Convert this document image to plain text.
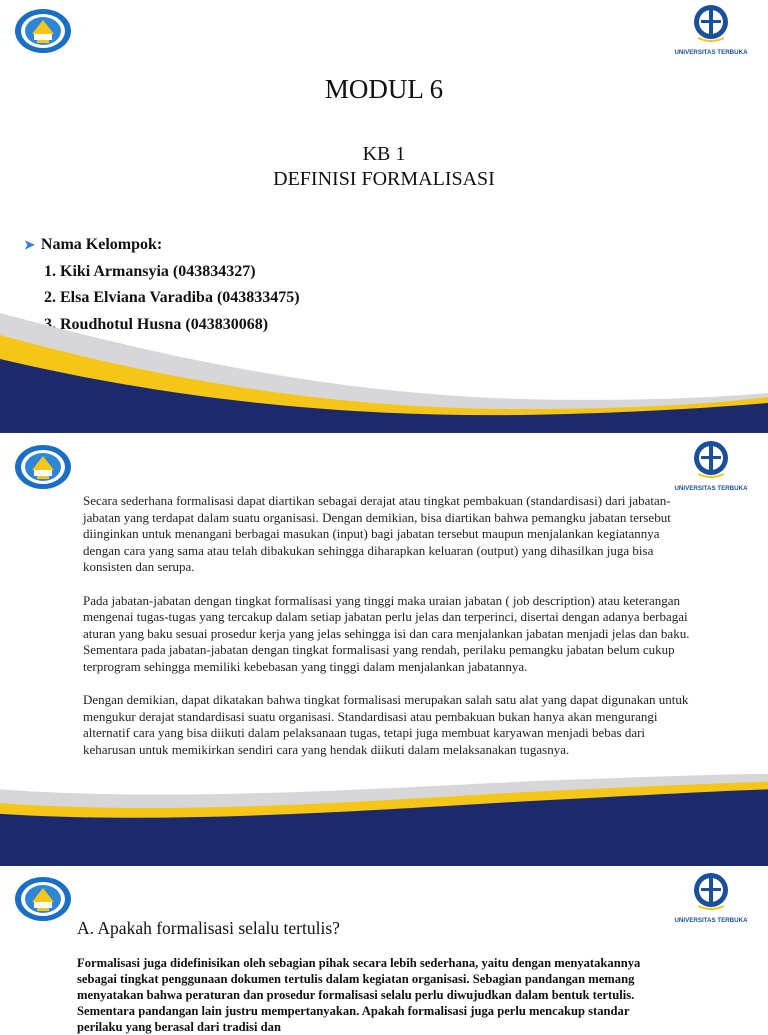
UNIVERSITAS TERBUKA
MODUL 6
KB 1
DEFINISI FORMALISASI
➤ Nama Kelompok:
1. Kiki Armansyia (043834327)
2. Elsa Elviana Varadiba (043833475)
3. Roudhotul Husna (043830068)
UNIVERSITAS TERBUKA

Secara sederhana formalisasi dapat diartikan sebagai derajat atau tingkat pembakuan (standardisasi) dari jabatan-jabatan yang terdapat dalam suatu organisasi. Dengan demikian, bisa diartikan bahwa pemangku jabatan tersebut diinginkan untuk menangani berbagai masukan (input) bagi jabatan tersebut maupun menjalankan kegiatannya dengan cara yang sama atau telah dibakukan sehingga diharapkan keluaran (output) yang dihasilkan juga bisa konsisten dan serupa.

Pada jabatan-jabatan dengan tingkat formalisasi yang tinggi maka uraian jabatan ( job description) atau keterangan mengenai tugas-tugas yang tercakup dalam setiap jabatan perlu jelas dan terperinci, disertai dengan adanya berbagai aturan yang baku sesuai prosedur kerja yang jelas sehingga isi dan cara menjalankan jabatan menjadi jelas dan baku. Sementara pada jabatan-jabatan dengan tingkat formalisasi yang rendah, perilaku pemangku jabatan belum cukup terprogram sehingga memiliki kebebasan yang tinggi dalam menjalankan jabatannya.

Dengan demikian, dapat dikatakan bahwa tingkat formalisasi merupakan salah satu alat yang dapat digunakan untuk mengukur derajat standardisasi suatu organisasi. Standardisasi atau pembakuan bukan hanya akan mengurangi alternatif cara yang bisa diikuti dalam pelaksanaan tugas, tetapi juga membuat karyawan menjadi bebas dari keharusan untuk memikirkan sendiri cara yang hendak diikuti dalam melaksanakan tugasnya.

UNIVERSITAS TERBUKA
A. Apakah formalisasi selalu tertulis?
Formalisasi juga didefinisikan oleh sebagian pihak secara lebih sederhana, yaitu dengan menyatakannya sebagai tingkat penggunaan dokumen tertulis dalam kegiatan organisasi. Sebagian pandangan memang menyatakan bahwa peraturan dan prosedur formalisasi selalu perlu diwujudkan dalam bentuk tertulis. Sementara pandangan lain justru mempertanyakan. Apakah formalisasi juga perlu mencakup standar perilaku yang berasal dari tradisi dan
